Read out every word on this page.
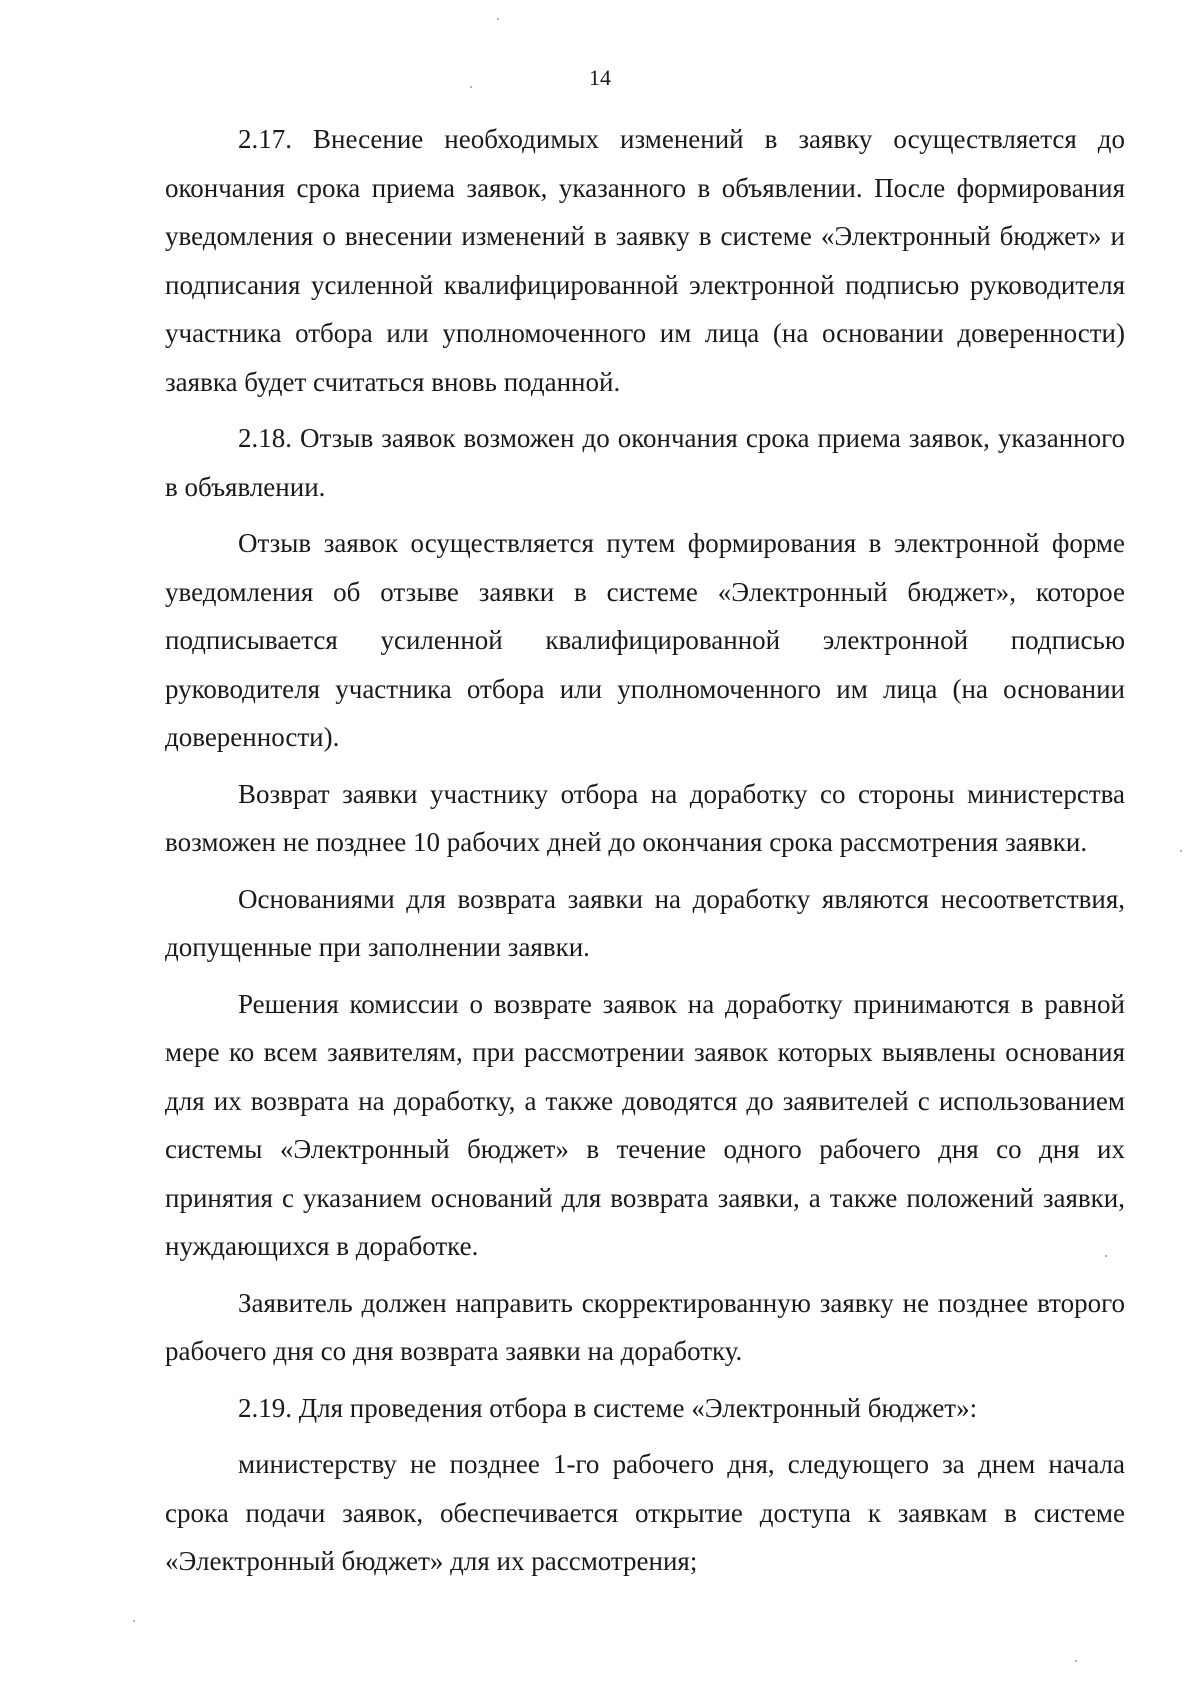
14

2.17. Внесение необходимых изменений в заявку осуществляется до окончания срока приема заявок, указанного в объявлении. После формирования уведомления о внесении изменений в заявку в системе «Электронный бюджет» и подписания усиленной квалифицированной электронной подписью руководителя участника отбора или уполномоченного им лица (на основании доверенности) заявка будет считаться вновь поданной.

2.18. Отзыв заявок возможен до окончания срока приема заявок, указанного в объявлении.

Отзыв заявок осуществляется путем формирования в электронной форме уведомления об отзыве заявки в системе «Электронный бюджет», которое подписывается усиленной квалифицированной электронной подписью руководителя участника отбора или уполномоченного им лица (на основании доверенности).

Возврат заявки участнику отбора на доработку со стороны министерства возможен не позднее 10 рабочих дней до окончания срока рассмотрения заявки.

Основаниями для возврата заявки на доработку являются несоответствия, допущенные при заполнении заявки.

Решения комиссии о возврате заявок на доработку принимаются в равной мере ко всем заявителям, при рассмотрении заявок которых выявлены основания для их возврата на доработку, а также доводятся до заявителей с использованием системы «Электронный бюджет» в течение одного рабочего дня со дня их принятия с указанием оснований для возврата заявки, а также положений заявки, нуждающихся в доработке.

Заявитель должен направить скорректированную заявку не позднее второго рабочего дня со дня возврата заявки на доработку.

2.19. Для проведения отбора в системе «Электронный бюджет»:

министерству не позднее 1-го рабочего дня, следующего за днем начала срока подачи заявок, обеспечивается открытие доступа к заявкам в системе «Электронный бюджет» для их рассмотрения;
